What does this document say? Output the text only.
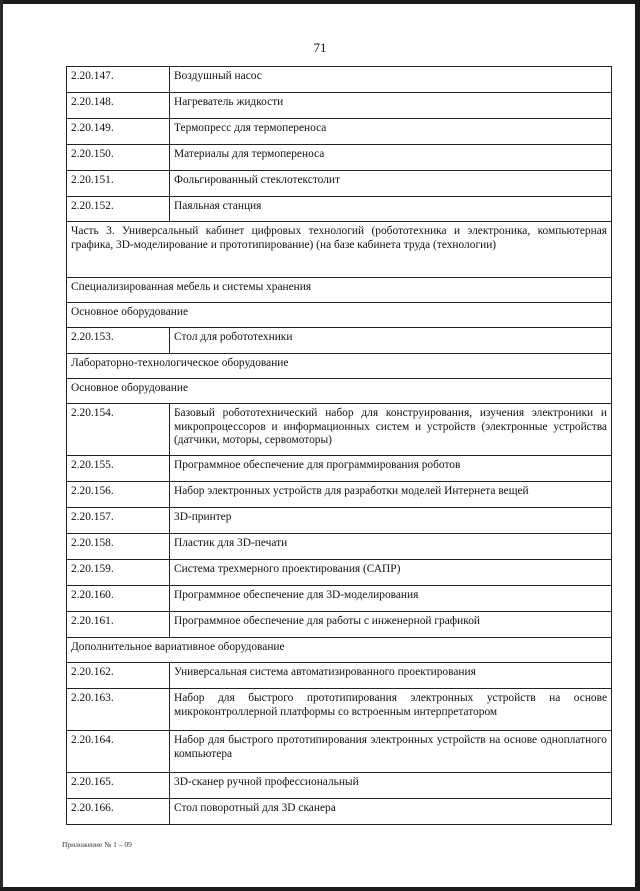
71
2.20.147.	Воздушный насос
2.20.148.	Нагреватель жидкости
2.20.149.	Термопресс для термопереноса
2.20.150.	Материалы для термопереноса
2.20.151.	Фольгированный стеклотекстолит
2.20.152.	Паяльная станция
Часть 3. Универсальный кабинет цифровых технологий (робототехника и электроника, компьютерная графика, 3D-моделирование и прототипирование) (на базе кабинета труда (технологии)	
Специализированная мебель и системы хранения	
Основное оборудование	
2.20.153.	Стол для робототехники
Лабораторно-технологическое оборудование	
Основное оборудование	
2.20.154.	Базовый робототехнический набор для конструирования, изучения электроники и микропроцессоров и информационных систем и устройств (электронные устройства (датчики, моторы, сервомоторы)
2.20.155.	Программное обеспечение для программирования роботов
2.20.156.	Набор электронных устройств для разработки моделей Интернета вещей
2.20.157.	3D-принтер
2.20.158.	Пластик для 3D-печати
2.20.159.	Система трехмерного проектирования (САПР)
2.20.160.	Программное обеспечение для 3D-моделирования
2.20.161.	Программное обеспечение для работы с инженерной графикой
Дополнительное вариативное оборудование	
2.20.162.	Универсальная система автоматизированного проектирования
2.20.163.	Набор для быстрого прототипирования электронных устройств на основе микроконтроллерной платформы со встроенным интерпретатором
2.20.164.	Набор для быстрого прототипирования электронных устройств на основе одноплатного компьютера
2.20.165.	3D-сканер ручной профессиональный
2.20.166.	Стол поворотный для 3D сканера
Приложение № 1 – 09
